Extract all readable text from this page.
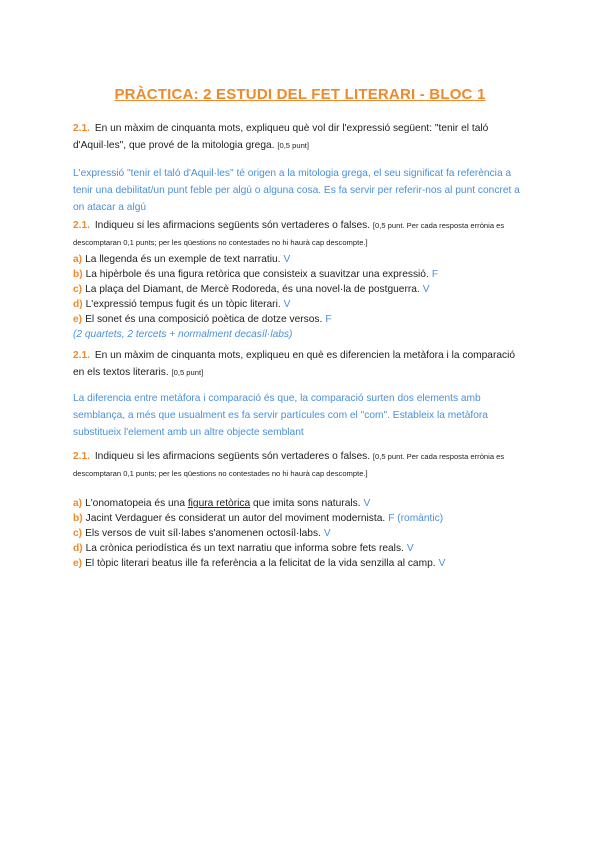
PRÀCTICA: 2 ESTUDI DEL FET LITERARI - BLOC 1

2.1. En un màxim de cinquanta mots, expliqueu què vol dir l'expressió següent: "tenir el taló d'Aquil·les", que prové de la mitologia grega. [0,5 punt]

L'expressió "tenir el taló d'Aquil·les" té origen a la mitologia grega, el seu significat fa referència a tenir una debilitat/un punt feble per algú o alguna cosa. Es fa servir per referir-nos al punt concret a on atacar a algú

2.1. Indiqueu si les afirmacions següents són vertaderes o falses. [0,5 punt. Per cada resposta errònia es descomptaran 0,1 punts; per les qüestions no contestades no hi haurà cap descompte.]

a) La llegenda és un exemple de text narratiu. V

b) La hipèrbole és una figura retòrica que consisteix a suavitzar una expressió. F

c) La plaça del Diamant, de Mercè Rodoreda, és una novel·la de postguerra. V

d) L'expressió tempus fugit és un tòpic literari. V

e) El sonet és una composició poètica de dotze versos. F

(2 quartets, 2 tercets + normalment decasíl·labs)

2.1. En un màxim de cinquanta mots, expliqueu en què es diferencien la metàfora i la comparació en els textos literaris. [0,5 punt]

La diferencia entre metàfora i comparació és que, la comparació surten dos elements amb semblança, a més que usualment es fa servir partícules com el "com". Estableix la metàfora substitueix l'element amb un altre objecte semblant

2.1. Indiqueu si les afirmacions següents són vertaderes o falses. [0,5 punt. Per cada resposta errònia es descomptaran 0,1 punts; per les qüestions no contestades no hi haurà cap descompte.]

a) L'onomatopeia és una figura retòrica que imita sons naturals. V

b) Jacint Verdaguer és considerat un autor del moviment modernista. F (romàntic)

c) Els versos de vuit síl·labes s'anomenen octosíl·labs. V

d) La crònica periodística és un text narratiu que informa sobre fets reals. V

e) El tòpic literari beatus ille fa referència a la felicitat de la vida senzilla al camp. V
